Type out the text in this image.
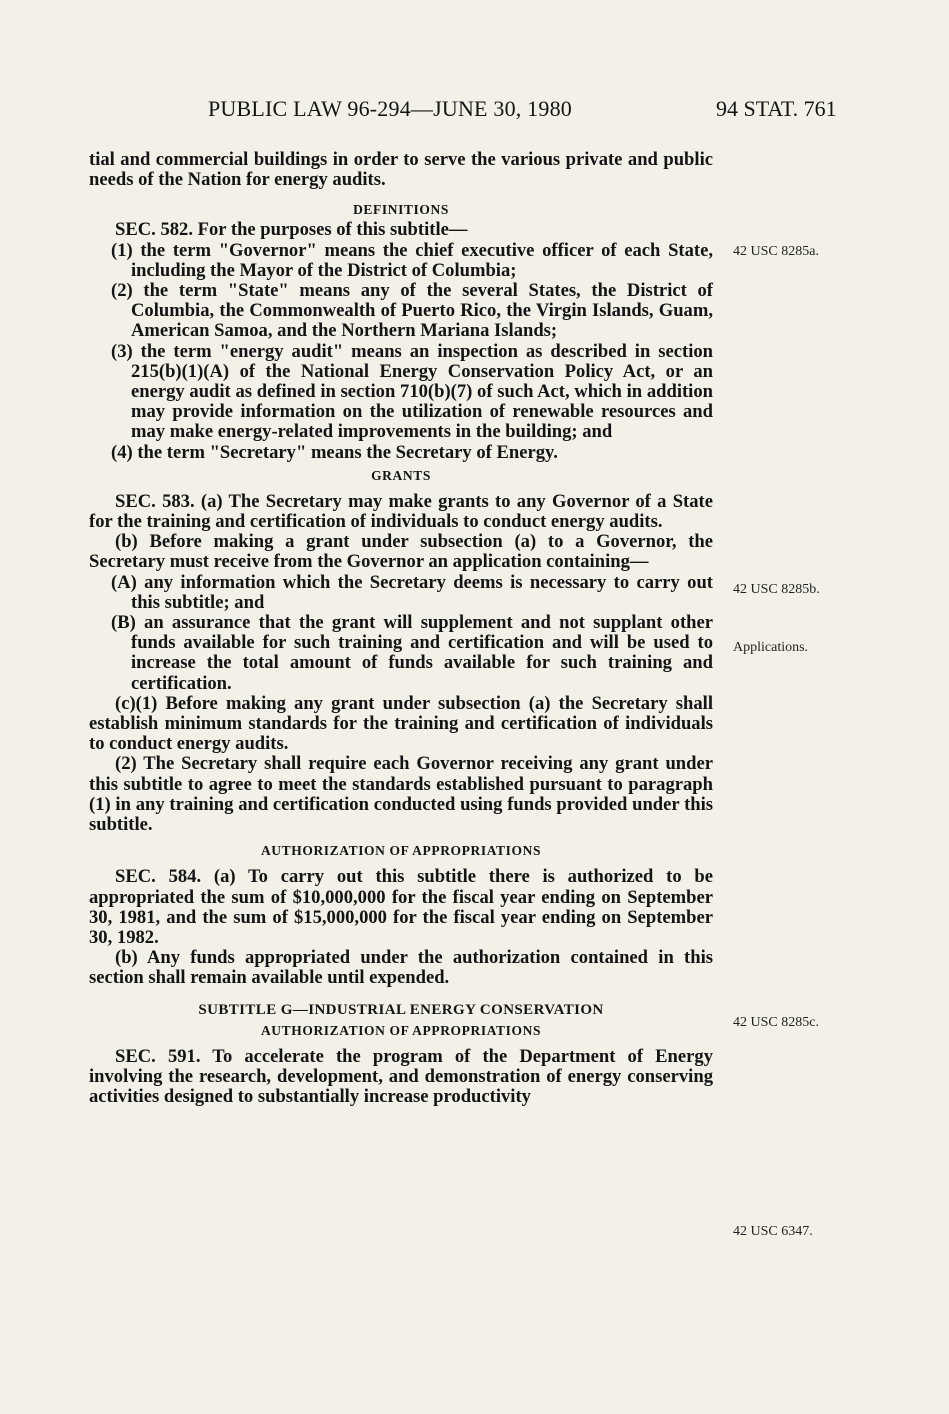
PUBLIC LAW 96-294—JUNE 30, 1980	94 STAT. 761

tial and commercial buildings in order to serve the various private and public needs of the Nation for energy audits.

DEFINITIONS

SEC. 582. For the purposes of this subtitle—

(1) the term "Governor" means the chief executive officer of each State, including the Mayor of the District of Columbia;

(2) the term "State" means any of the several States, the District of Columbia, the Commonwealth of Puerto Rico, the Virgin Islands, Guam, American Samoa, and the Northern Mariana Islands;

(3) the term "energy audit" means an inspection as described in section 215(b)(1)(A) of the National Energy Conservation Policy Act, or an energy audit as defined in section 710(b)(7) of such Act, which in addition may provide information on the utilization of renewable resources and may make energy-related improvements in the building; and

(4) the term "Secretary" means the Secretary of Energy.

GRANTS

SEC. 583. (a) The Secretary may make grants to any Governor of a State for the training and certification of individuals to conduct energy audits.

(b) Before making a grant under subsection (a) to a Governor, the Secretary must receive from the Governor an application containing—

(A) any information which the Secretary deems is necessary to carry out this subtitle; and

(B) an assurance that the grant will supplement and not supplant other funds available for such training and certification and will be used to increase the total amount of funds available for such training and certification.

(c)(1) Before making any grant under subsection (a) the Secretary shall establish minimum standards for the training and certification of individuals to conduct energy audits.

(2) The Secretary shall require each Governor receiving any grant under this subtitle to agree to meet the standards established pursuant to paragraph (1) in any training and certification conducted using funds provided under this subtitle.

AUTHORIZATION OF APPROPRIATIONS

SEC. 584. (a) To carry out this subtitle there is authorized to be appropriated the sum of $10,000,000 for the fiscal year ending on September 30, 1981, and the sum of $15,000,000 for the fiscal year ending on September 30, 1982.

(b) Any funds appropriated under the authorization contained in this section shall remain available until expended.

SUBTITLE G—INDUSTRIAL ENERGY CONSERVATION

AUTHORIZATION OF APPROPRIATIONS

SEC. 591. To accelerate the program of the Department of Energy involving the research, development, and demonstration of energy conserving activities designed to substantially increase productivity

42 USC 8285a.
42 USC 8285b.
Applications.
42 USC 8285c.
42 USC 6347.
